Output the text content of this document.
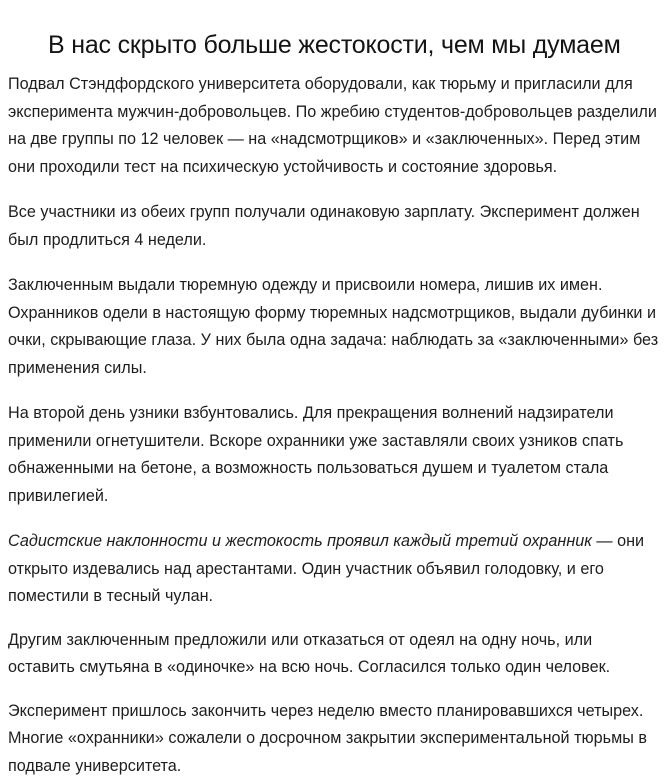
В нас скрыто больше жестокости, чем мы думаем

Подвал Стэндфордского университета оборудовали, как тюрьму и пригласили для эксперимента мужчин-добровольцев. По жребию студентов-добровольцев разделили на две группы по 12 человек — на «надсмотрщиков» и «заключенных». Перед этим они проходили тест на психическую устойчивость и состояние здоровья.

Все участники из обеих групп получали одинаковую зарплату. Эксперимент должен был продлиться 4 недели.

Заключенным выдали тюремную одежду и присвоили номера, лишив их имен. Охранников одели в настоящую форму тюремных надсмотрщиков, выдали дубинки и очки, скрывающие глаза. У них была одна задача: наблюдать за «заключенными» без применения силы.

На второй день узники взбунтовались. Для прекращения волнений надзиратели применили огнетушители. Вскоре охранники уже заставляли своих узников спать обнаженными на бетоне, а возможность пользоваться душем и туалетом стала привилегией.

Садистские наклонности и жестокость проявил каждый третий охранник — они открыто издевались над арестантами. Один участник объявил голодовку, и его поместили в тесный чулан.

Другим заключенным предложили или отказаться от одеял на одну ночь, или оставить смутьяна в «одиночке» на всю ночь. Согласился только один человек.

Эксперимент пришлось закончить через неделю вместо планировавшихся четырех. Многие «охранники» сожалели о досрочном закрытии экспериментальной тюрьмы в подвале университета.
